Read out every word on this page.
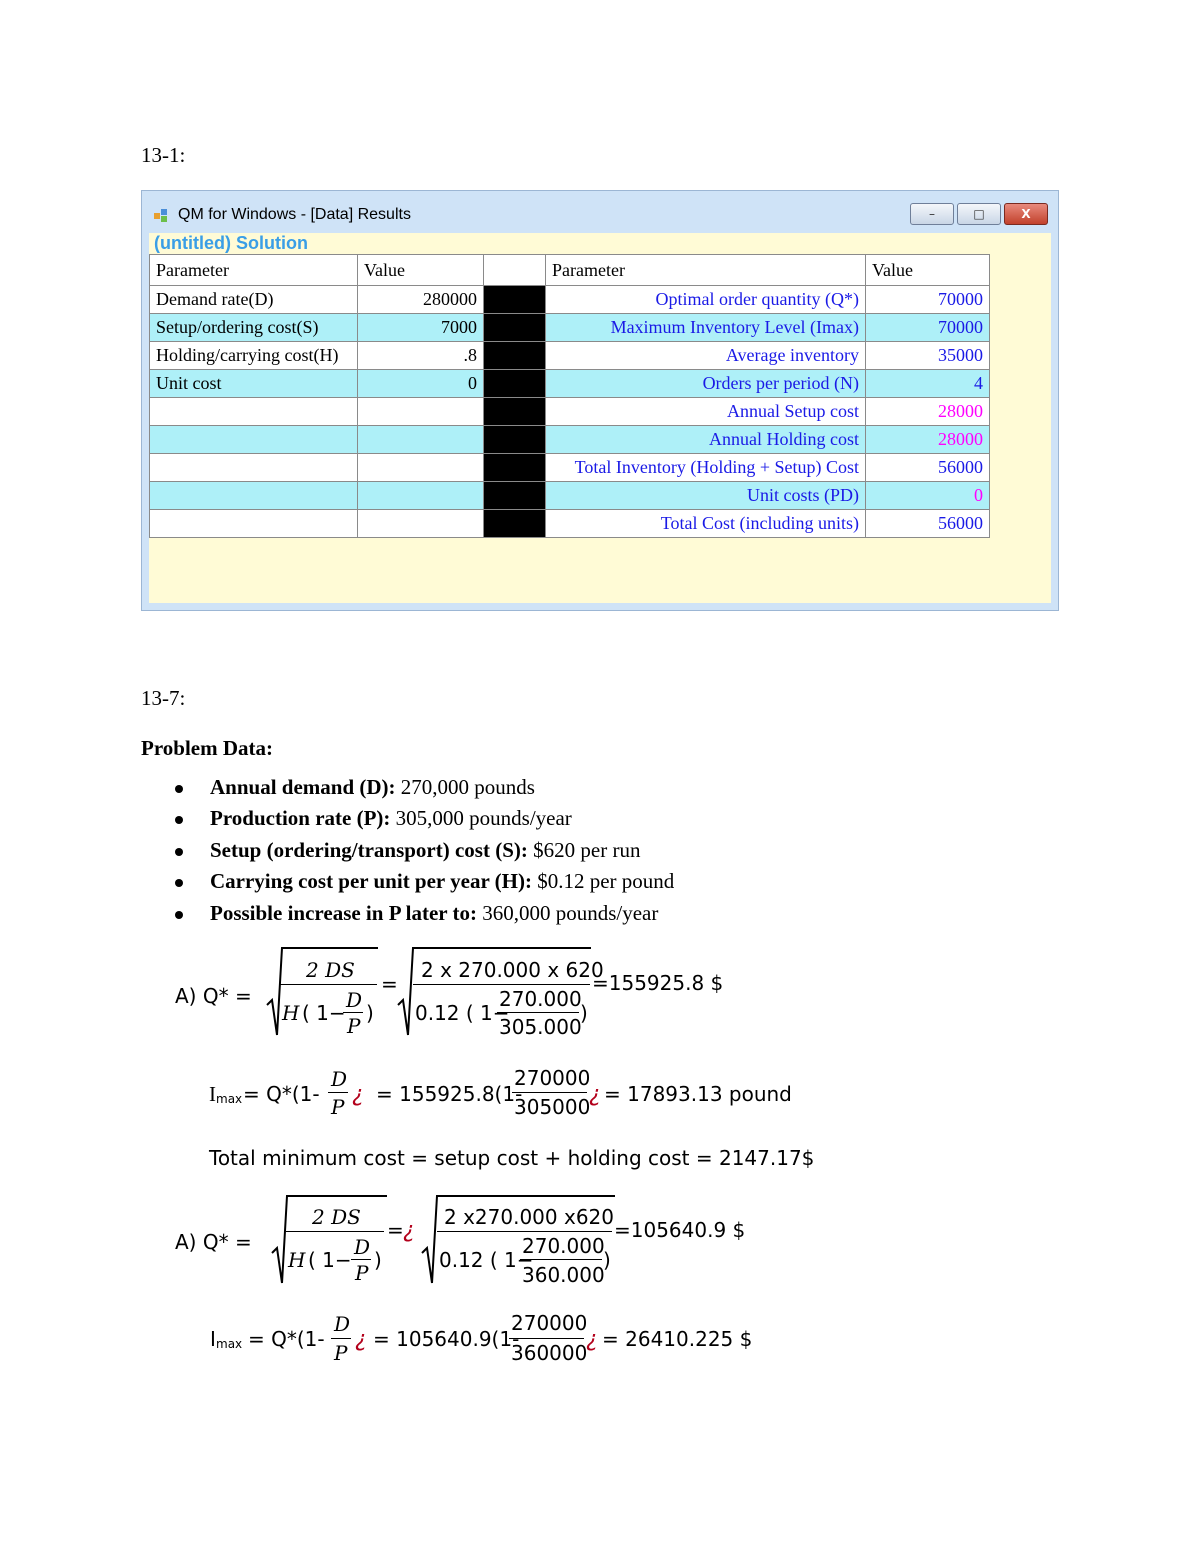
13-1:
QM for Windows - [Data] Results	–	□	X
(untitled) Solution
Parameter	Value		Parameter	Value
Demand rate(D)	280000		Optimal order quantity (Q*)	70000
Setup/ordering cost(S)	7000		Maximum Inventory Level (Imax)	70000
Holding/carrying cost(H)	.8		Average inventory	35000
Unit cost	0		Orders per period (N)	4
			Annual Setup cost	28000
			Annual Holding cost	28000
			Total Inventory (Holding + Setup) Cost	56000
			Unit costs (PD)	0
			Total Cost (including units)	56000
13-7:
Problem Data:
Annual demand (D): 270,000 pounds
Production rate (P): 305,000 pounds/year
Setup (ordering/transport) cost (S): $620 per run
Carrying cost per unit per year (H): $0.12 per pound
Possible increase in P later to: 360,000 pounds/year
A) Q* =
2 DS
H ( 1−
D
P
)
=
2 x 270.000 x 620
0.12 ( 1−
270.000
305.000
)
=155925.8 $
I max = Q*(1-
D
P ¿ = 155925.8(1-
270000
305000
¿ = 17893.13 pound
Total minimum cost = setup cost + holding cost = 2147.17$
A) Q* =
2 DS
H ( 1−
D
P
)
= ¿
2 x270.000 x620
0.12 ( 1−
270.000
360.000
)
=105640.9 $
I max = Q*(1-
D
P
¿ = 105640.9(1-
270000
360000
¿ = 26410.225 $
